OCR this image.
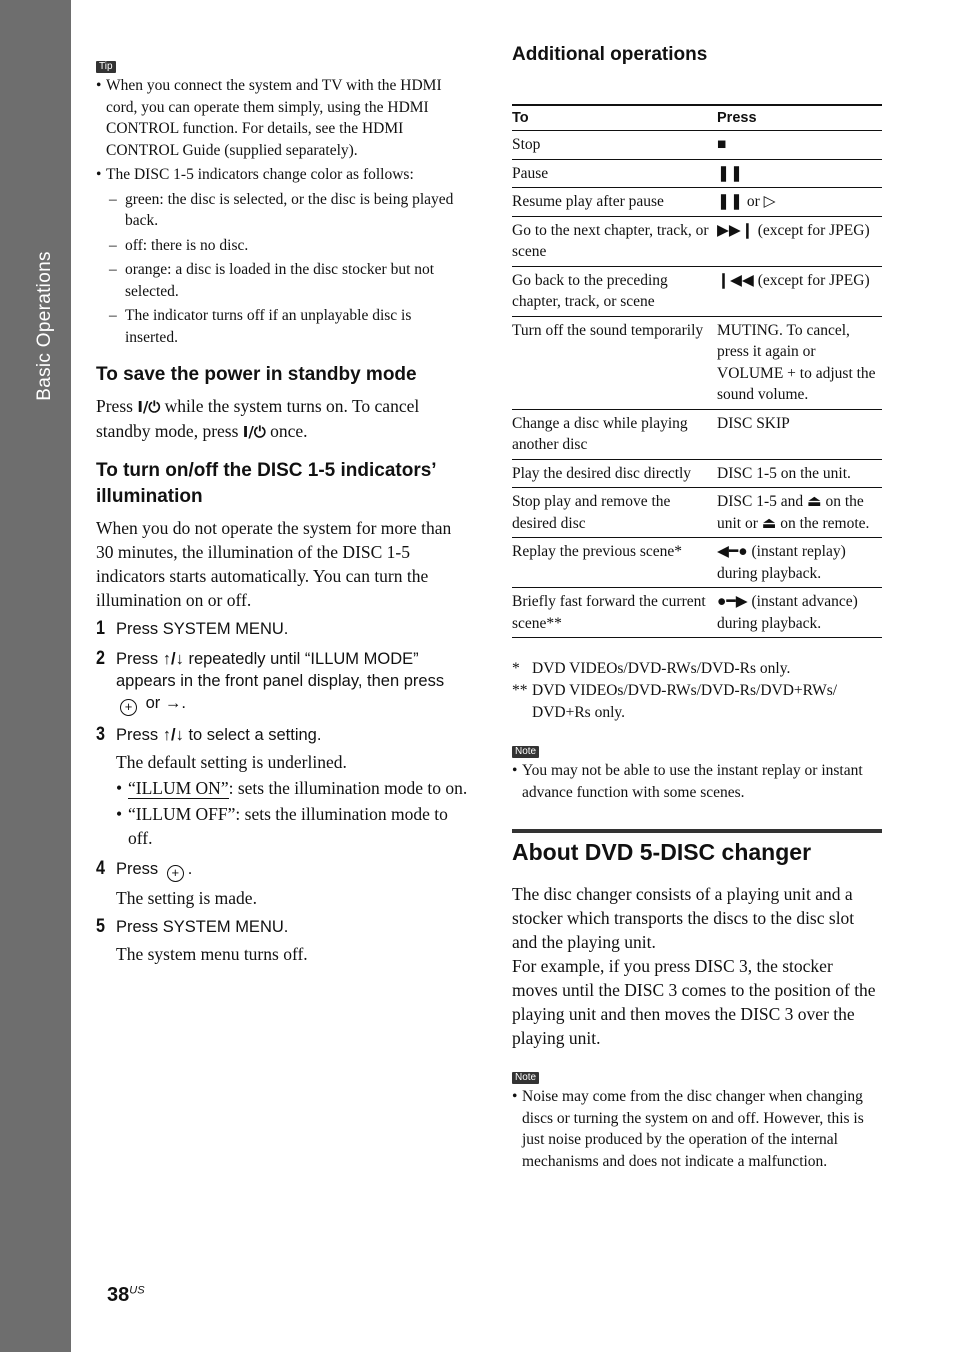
Basic Operations
Tip
• When you connect the system and TV with the HDMI cord, you can operate them simply, using the HDMI CONTROL function. For details, see the HDMI CONTROL Guide (supplied separately).
• The DISC 1-5 indicators change color as follows:
– green: the disc is selected, or the disc is being played back.
– off: there is no disc.
– orange: a disc is loaded in the disc stocker but not selected.
– The indicator turns off if an unplayable disc is inserted.
To save the power in standby mode
Press I/⏻ while the system turns on. To cancel standby mode, press I/⏻ once.
To turn on/off the DISC 1-5 indicators’ illumination
When you do not operate the system for more than 30 minutes, the illumination of the DISC 1-5 indicators starts automatically. You can turn the illumination on or off.
1 Press SYSTEM MENU.
2 Press ↑/↓ repeatedly until “ILLUM MODE” appears in the front panel display, then press + or →.
3 Press ↑/↓ to select a setting.
The default setting is underlined.
• “ILLUM ON”: sets the illumination mode to on.
• “ILLUM OFF”: sets the illumination mode to off.
4 Press + .
The setting is made.
5 Press SYSTEM MENU.
The system menu turns off.
Additional operations
To	Press
Stop	■
Pause	❚❚
Resume play after pause	❚❚ or ▷
Go to the next chapter, track, or scene	▶▶❙ (except for JPEG)
Go back to the preceding chapter, track, or scene	❙◀◀ (except for JPEG)
Turn off the sound temporarily	MUTING. To cancel, press it again or VOLUME + to adjust the sound volume.
Change a disc while playing another disc	DISC SKIP
Play the desired disc directly	DISC 1-5 on the unit.
Stop play and remove the desired disc	DISC 1-5 and ⏏ on the unit or ⏏ on the remote.
Replay the previous scene*	◀━● (instant replay) during playback.
Briefly fast forward the current scene**	●━▶ (instant advance) during playback.
* DVD VIDEOs/DVD-RWs/DVD-Rs only.
** DVD VIDEOs/DVD-RWs/DVD-Rs/DVD+RWs/ DVD+Rs only.
Note
• You may not be able to use the instant replay or instant advance function with some scenes.
About DVD 5-DISC changer
The disc changer consists of a playing unit and a stocker which transports the discs to the disc slot and the playing unit.
For example, if you press DISC 3, the stocker moves until the DISC 3 comes to the position of the playing unit and then moves the DISC 3 over the playing unit.
Note
• Noise may come from the disc changer when changing discs or turning the system on and off. However, this is just noise produced by the operation of the internal mechanisms and does not indicate a malfunction.
$38^{US}$
